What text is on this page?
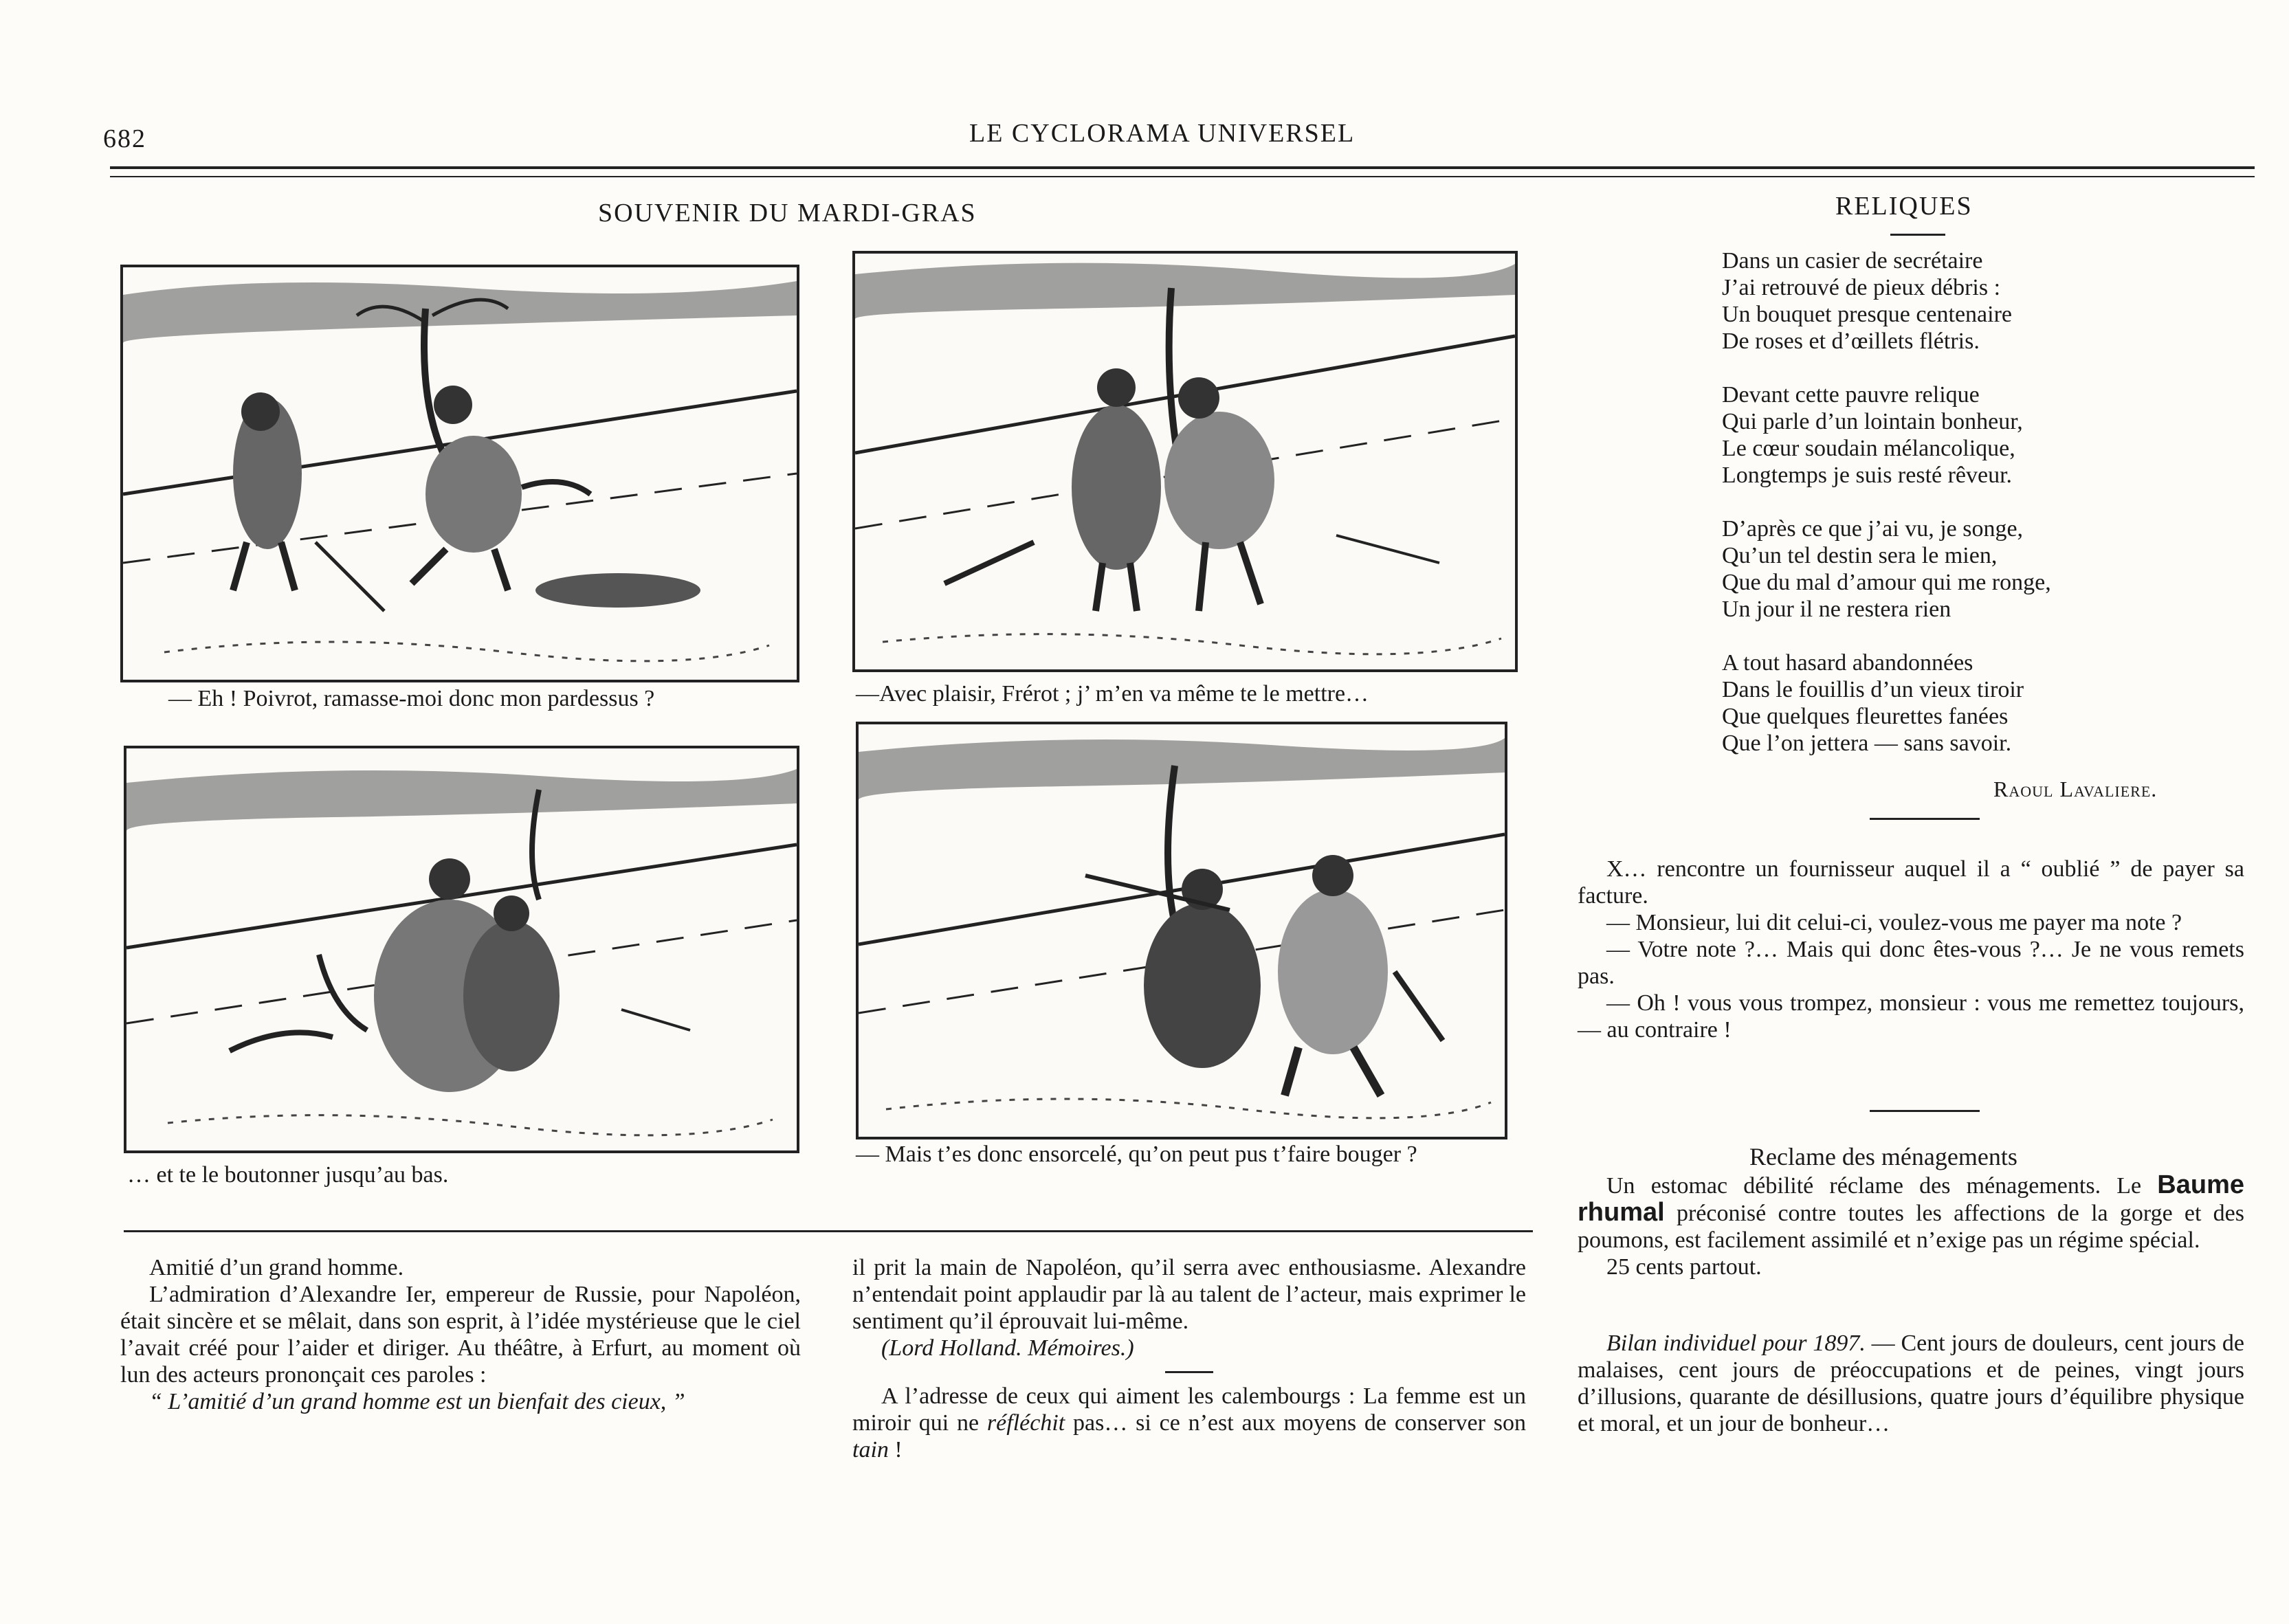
682	LE CYCLORAMA UNIVERSEL
SOUVENIR DU MARDI-GRAS
— Eh ! Poivrot, ramasse-moi donc mon pardessus ?	—Avec plaisir, Frérot ; j’ m’en va même te le mettre…
… et te le boutonner jusqu’au bas.
— Mais t’es donc ensorcelé, qu’on peut pus t’faire bouger ?

Amitié d’un grand homme.

L’admiration d’Alexandre Ier, empereur de Russie, pour Napoléon, était sincère et se mêlait, dans son esprit, à l’idée mystérieuse que le ciel l’avait créé pour l’aider et diriger. Au théâtre, à Erfurt, au moment où lun des acteurs prononçait ces paroles :

“ L’amitié d’un grand homme est un bienfait des cieux, ”

il prit la main de Napoléon, qu’il serra avec enthousiasme. Alexandre n’entendait point applaudir par là au talent de l’acteur, mais exprimer le sentiment qu’il éprouvait lui-même.

(Lord Holland. Mémoires.)

A l’adresse de ceux qui aiment les calembourgs : La femme est un miroir qui ne réfléchit pas… si ce n’est aux moyens de conserver son tain !

RELIQUES
Dans un casier de secrétaire
J’ai retrouvé de pieux débris :
Un bouquet presque centenaire
De roses et d’œillets flétris.
Devant cette pauvre relique
Qui parle d’un lointain bonheur,
Le cœur soudain mélancolique,
Longtemps je suis resté rêveur.
D’après ce que j’ai vu, je songe,
Qu’un tel destin sera le mien,
Que du mal d’amour qui me ronge,
Un jour il ne restera rien
A tout hasard abandonnées
Dans le fouillis d’un vieux tiroir
Que quelques fleurettes fanées
Que l’on jettera — sans savoir.
Raoul Lavaliere.

X… rencontre un fournisseur auquel il a “ oublié ” de payer sa facture.

— Monsieur, lui dit celui-ci, voulez-vous me payer ma note ?

— Votre note ?… Mais qui donc êtes-vous ?… Je ne vous remets pas.

— Oh ! vous vous trompez, monsieur : vous me remettez toujours, — au contraire !

Reclame des ménagements

Un estomac débilité réclame des ménagements. Le Baume rhumal préconisé contre toutes les affections de la gorge et des poumons, est facilement assimilé et n’exige pas un régime spécial.

25 cents partout.

Bilan individuel pour 1897. — Cent jours de douleurs, cent jours de malaises, cent jours de préoccupations et de peines, vingt jours d’illusions, quarante de désillusions, quatre jours d’équilibre physique et moral, et un jour de bonheur…
